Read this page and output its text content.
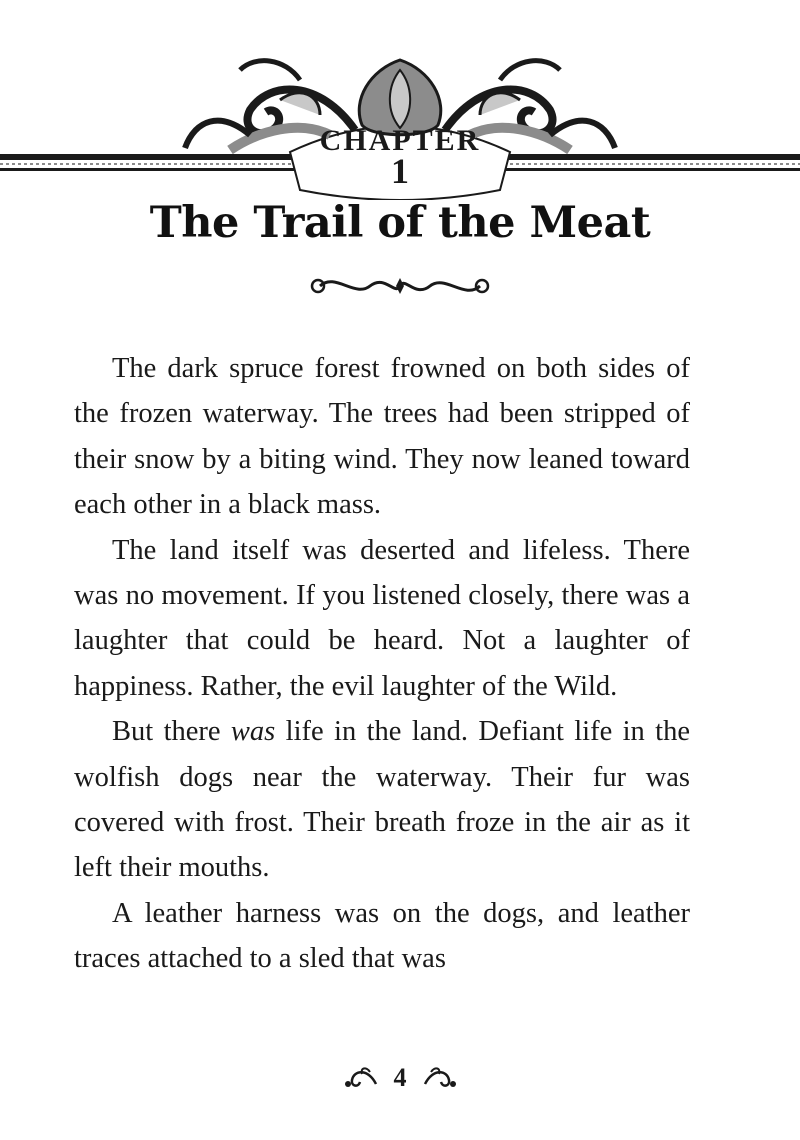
CHAPTER
1
The Trail of the Meat

The dark spruce forest frowned on both sides of the frozen waterway. The trees had been stripped of their snow by a biting wind. They now leaned toward each other in a black mass.

The land itself was deserted and lifeless. There was no movement. If you listened closely, there was a laughter that could be heard. Not a laughter of happiness. Rather, the evil laughter of the Wild.

But there was life in the land. Defiant life in the wolfish dogs near the waterway. Their fur was covered with frost. Their breath froze in the air as it left their mouths.

A leather harness was on the dogs, and leather traces attached to a sled that was

4
